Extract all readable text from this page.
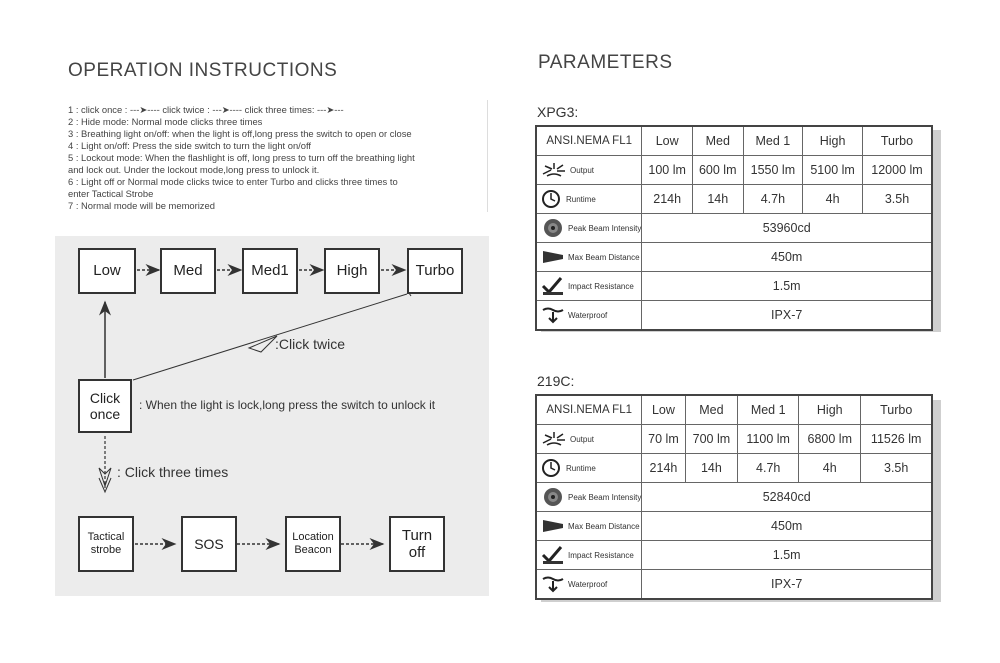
OPERATION INSTRUCTIONS
1 : click once : ---➤---- click twice : ---➤---- click three times: ---➤---
2 : Hide mode: Normal mode clicks three times
3 : Breathing light on/off: when the light is off,long press the switch to open or close
4 : Light on/off: Press the side switch to turn the light on/off
5 : Lockout mode: When the flashlight is off, long press to turn off the breathing light
and lock out. Under the lockout mode,long press to unlock it.
6 : Light off or Normal mode clicks twice to enter Turbo and clicks three times to
enter Tactical Strobe
7 : Normal mode will be memorized
Low	Med	Med1	High	Turbo
:Click twice
Click once
: When the light is lock,long press the switch to unlock it
: Click three times
Tactical strobe	SOS	Location Beacon
Turn off
PARAMETERS
XPG3:
ANSI.NEMA FL1	Low	Med	Med 1	High	Turbo

Output	100 lm	600 lm	1550 lm	5100 lm	12000 lm

Runtime	214h	14h	4.7h	4h	3.5h

Peak Beam Intensity	53960cd				

Max Beam Distance	450m				

Impact Resistance	1.5m				

Waterproof	IPX-7				
219C:
ANSI.NEMA FL1	Low	Med	Med 1	High	Turbo

Output	70 lm	700 lm	1100 lm	6800 lm	11526 lm

Runtime	214h	14h	4.7h	4h	3.5h

Peak Beam Intensity	52840cd				

Max Beam Distance	450m				

Impact Resistance	1.5m				

Waterproof	IPX-7				
